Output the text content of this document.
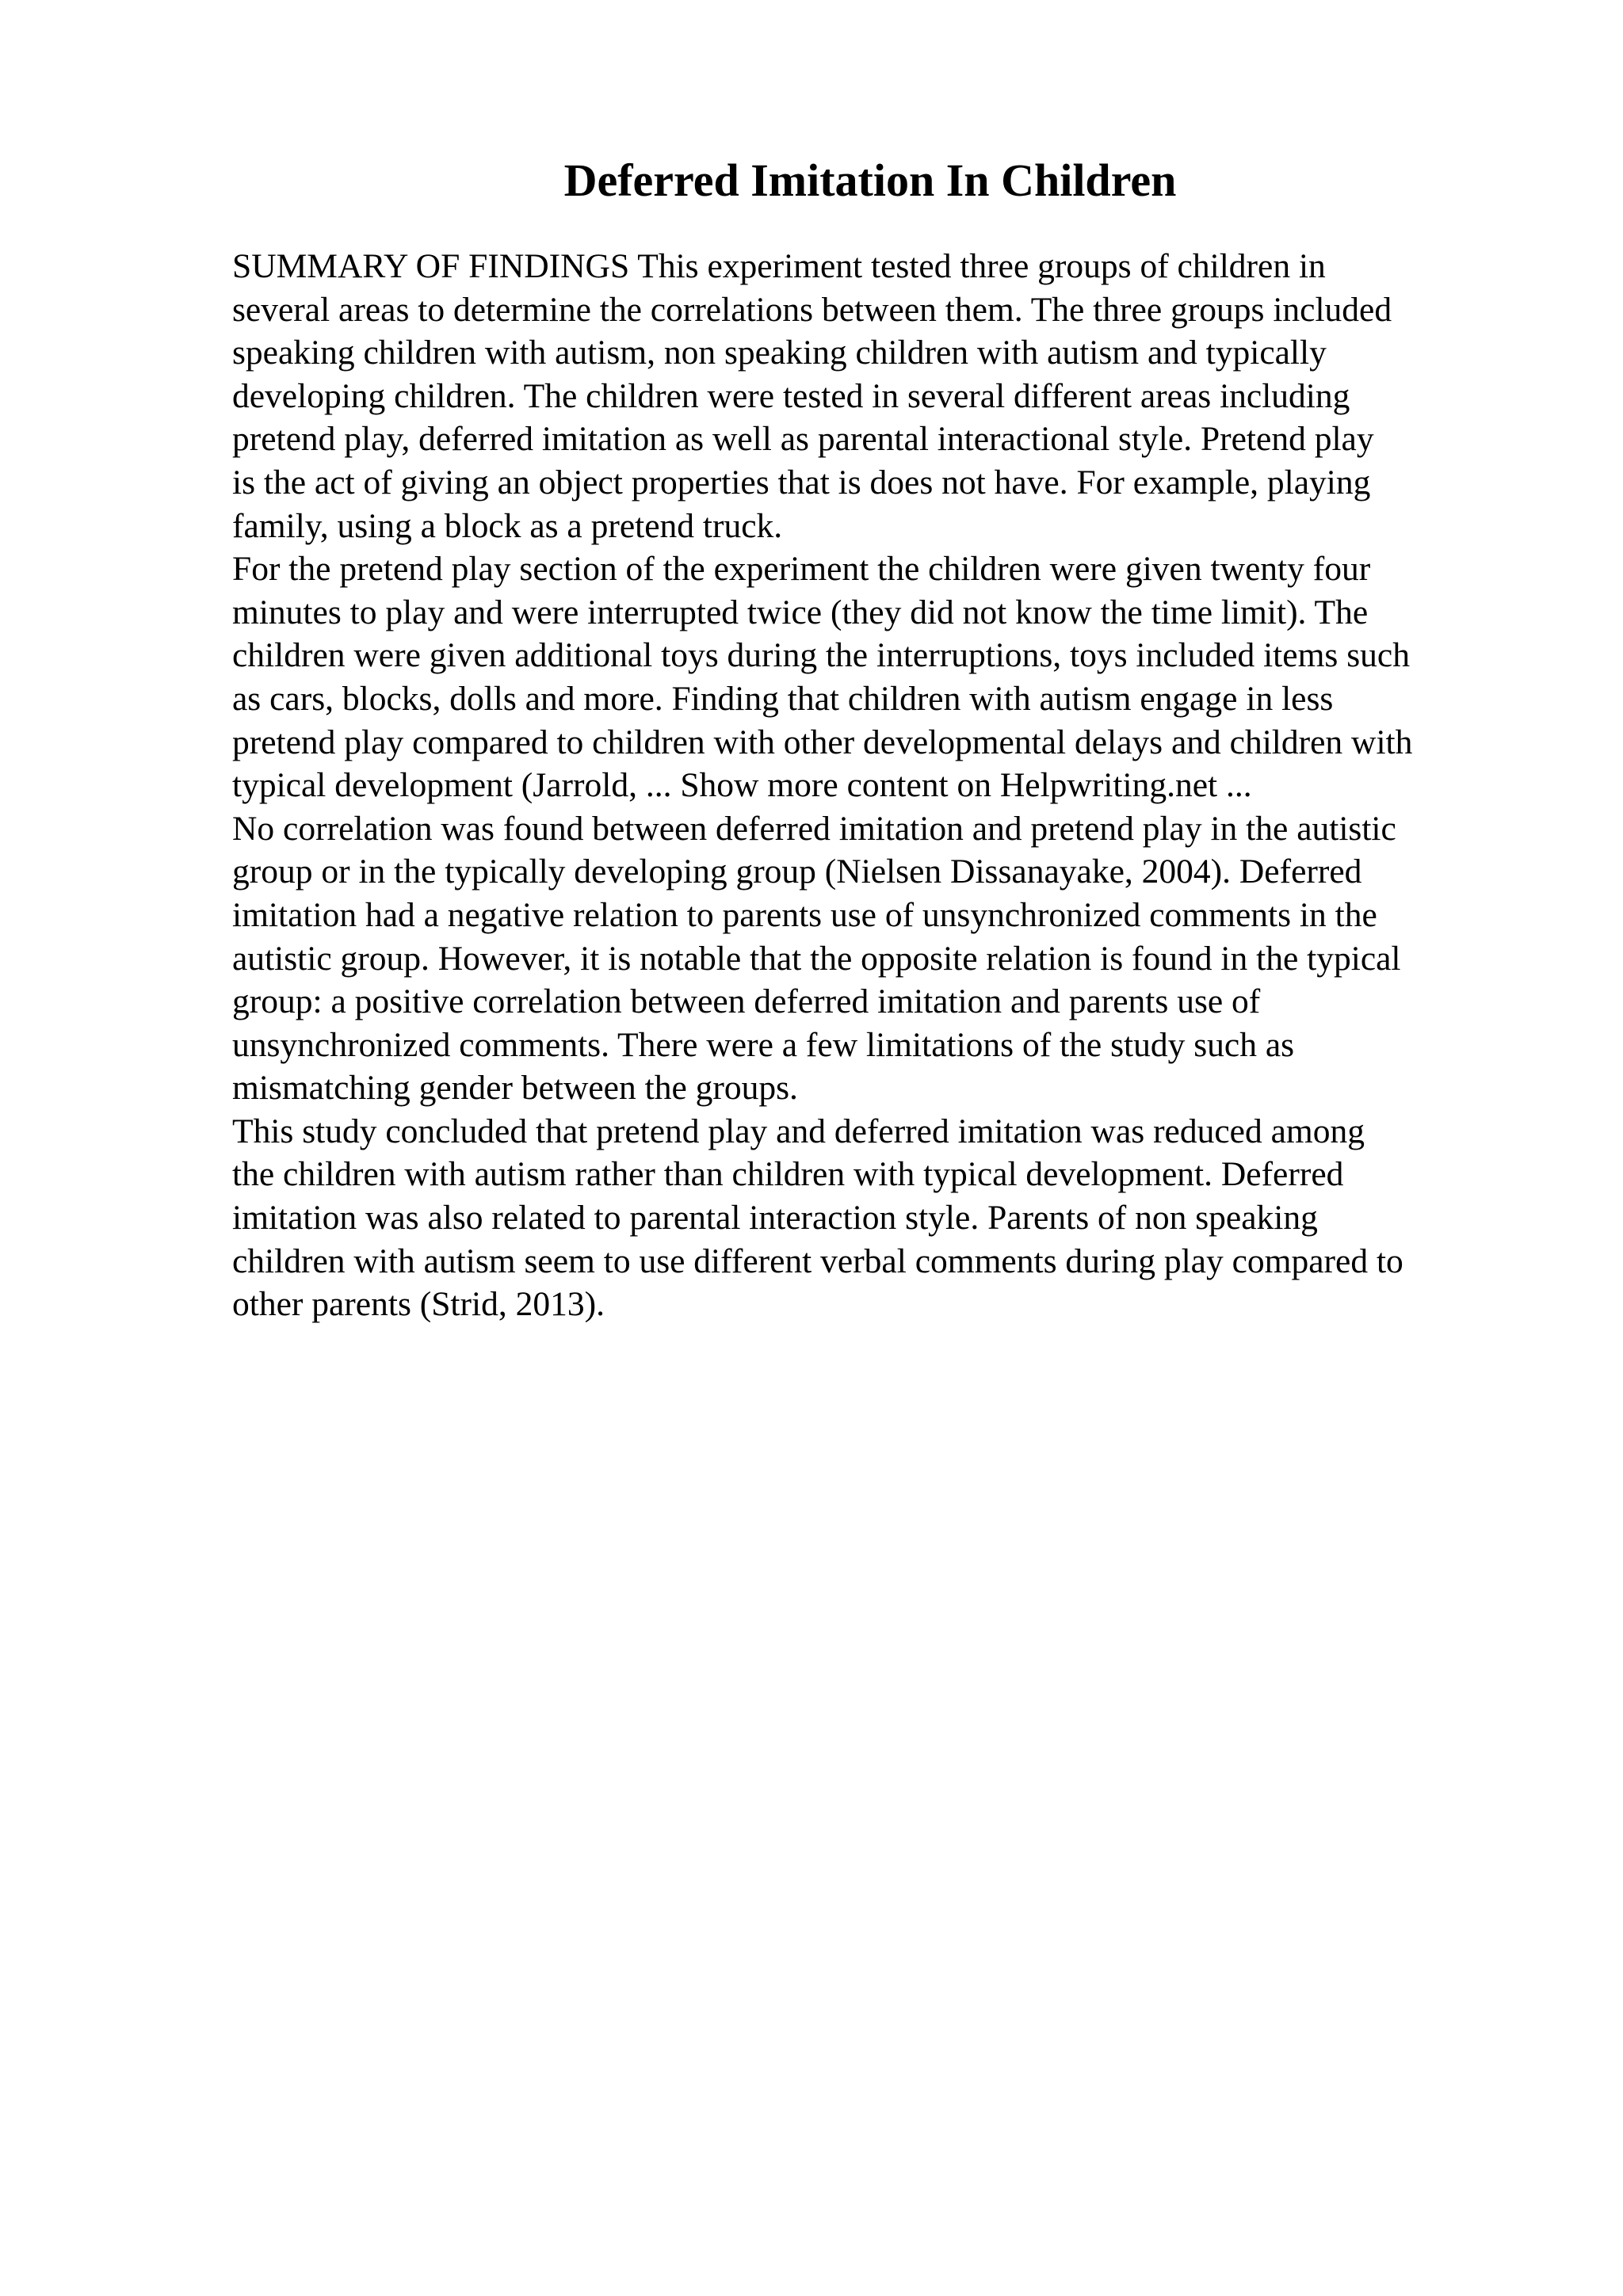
Deferred Imitation In Children
SUMMARY OF FINDINGS This experiment tested three groups of children in
several areas to determine the correlations between them. The three groups included
speaking children with autism, non speaking children with autism and typically
developing children. The children were tested in several different areas including
pretend play, deferred imitation as well as parental interactional style. Pretend play
is the act of giving an object properties that is does not have. For example, playing
family, using a block as a pretend truck.
For the pretend play section of the experiment the children were given twenty four
minutes to play and were interrupted twice (they did not know the time limit). The
children were given additional toys during the interruptions, toys included items such
as cars, blocks, dolls and more. Finding that children with autism engage in less
pretend play compared to children with other developmental delays and children with
typical development (Jarrold, ... Show more content on Helpwriting.net ...
No correlation was found between deferred imitation and pretend play in the autistic
group or in the typically developing group (Nielsen Dissanayake, 2004). Deferred
imitation had a negative relation to parents use of unsynchronized comments in the
autistic group. However, it is notable that the opposite relation is found in the typical
group: a positive correlation between deferred imitation and parents use of
unsynchronized comments. There were a few limitations of the study such as
mismatching gender between the groups.
This study concluded that pretend play and deferred imitation was reduced among
the children with autism rather than children with typical development. Deferred
imitation was also related to parental interaction style. Parents of non speaking
children with autism seem to use different verbal comments during play compared to
other parents (Strid, 2013).
